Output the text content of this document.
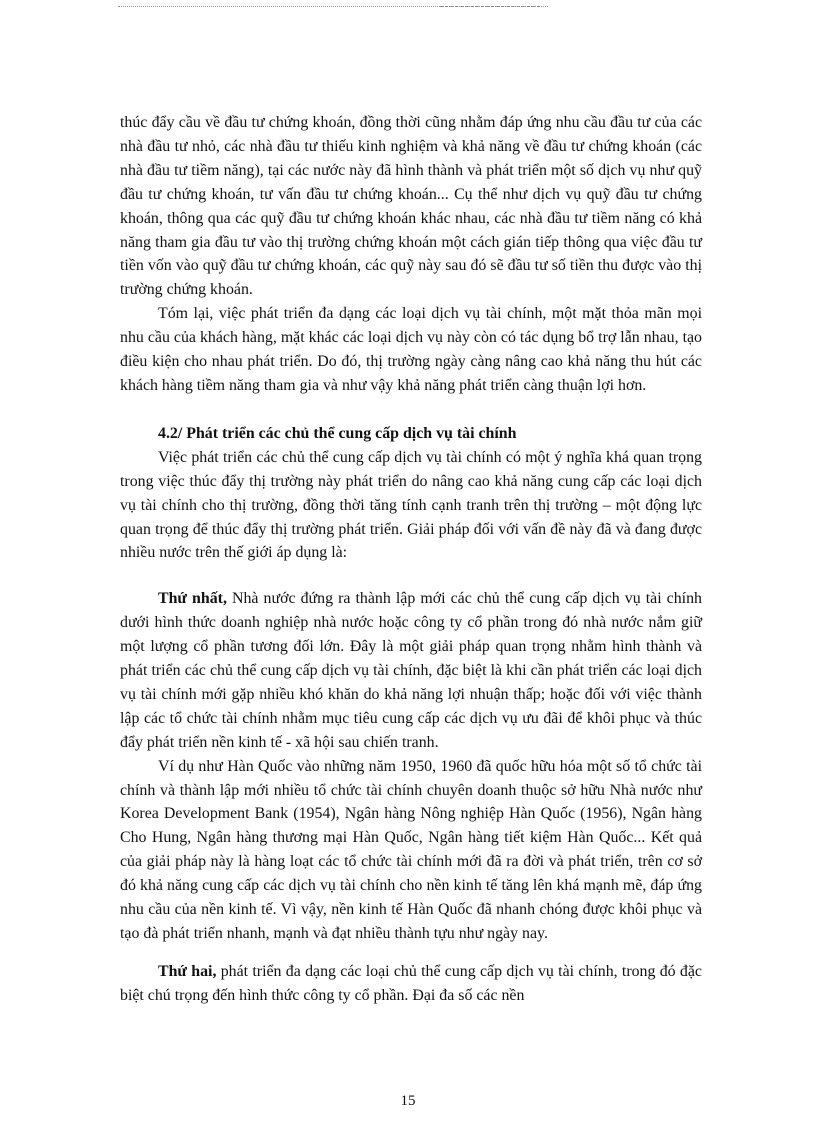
thúc đẩy cầu về đầu tư chứng khoán, đồng thời cũng nhằm đáp ứng nhu cầu đầu tư của các nhà đầu tư nhỏ, các nhà đầu tư thiếu kinh nghiệm và khả năng về đầu tư chứng khoán (các nhà đầu tư tiềm năng), tại các nước này đã hình thành và phát triển một số dịch vụ như quỹ đầu tư chứng khoán, tư vấn đầu tư chứng khoán... Cụ thể như dịch vụ quỹ đầu tư chứng khoán, thông qua các quỹ đầu tư chứng khoán khác nhau, các nhà đầu tư tiềm năng có khả năng tham gia đầu tư vào thị trường chứng khoán một cách gián tiếp thông qua việc đầu tư tiền vốn vào quỹ đầu tư chứng khoán, các quỹ này sau đó sẽ đầu tư số tiền thu được vào thị trường chứng khoán.

Tóm lại, việc phát triển đa dạng các loại dịch vụ tài chính, một mặt thỏa mãn mọi nhu cầu của khách hàng, mặt khác các loại dịch vụ này còn có tác dụng bổ trợ lẫn nhau, tạo điều kiện cho nhau phát triển. Do đó, thị trường ngày càng nâng cao khả năng thu hút các khách hàng tiềm năng tham gia và như vậy khả năng phát triển càng thuận lợi hơn.

4.2/ Phát triển các chủ thể cung cấp dịch vụ tài chính

Việc phát triển các chủ thể cung cấp dịch vụ tài chính có một ý nghĩa khá quan trọng trong việc thúc đẩy thị trường này phát triển do nâng cao khả năng cung cấp các loại dịch vụ tài chính cho thị trường, đồng thời tăng tính cạnh tranh trên thị trường – một động lực quan trọng để thúc đẩy thị trường phát triển. Giải pháp đối với vấn đề này đã và đang được nhiều nước trên thế giới áp dụng là:

Thứ nhất, Nhà nước đứng ra thành lập mới các chủ thể cung cấp dịch vụ tài chính dưới hình thức doanh nghiệp nhà nước hoặc công ty cổ phần trong đó nhà nước nắm giữ một lượng cổ phần tương đối lớn. Đây là một giải pháp quan trọng nhằm hình thành và phát triển các chủ thể cung cấp dịch vụ tài chính, đặc biệt là khi cần phát triển các loại dịch vụ tài chính mới gặp nhiều khó khăn do khả năng lợi nhuận thấp; hoặc đối với việc thành lập các tổ chức tài chính nhằm mục tiêu cung cấp các dịch vụ ưu đãi để khôi phục và thúc đẩy phát triển nền kinh tế - xã hội sau chiến tranh.

Ví dụ như Hàn Quốc vào những năm 1950, 1960 đã quốc hữu hóa một số tổ chức tài chính và thành lập mới nhiều tổ chức tài chính chuyên doanh thuộc sở hữu Nhà nước như Korea Development Bank (1954), Ngân hàng Nông nghiệp Hàn Quốc (1956), Ngân hàng Cho Hung, Ngân hàng thương mại Hàn Quốc, Ngân hàng tiết kiệm Hàn Quốc... Kết quả của giải pháp này là hàng loạt các tổ chức tài chính mới đã ra đời và phát triển, trên cơ sở đó khả năng cung cấp các dịch vụ tài chính cho nền kinh tế tăng lên khá mạnh mẽ, đáp ứng nhu cầu của nền kinh tế. Vì vậy, nền kinh tế Hàn Quốc đã nhanh chóng được khôi phục và tạo đà phát triển nhanh, mạnh và đạt nhiều thành tựu như ngày nay.

Thứ hai, phát triển đa dạng các loại chủ thể cung cấp dịch vụ tài chính, trong đó đặc biệt chú trọng đến hình thức công ty cổ phần. Đại đa số các nền

15
